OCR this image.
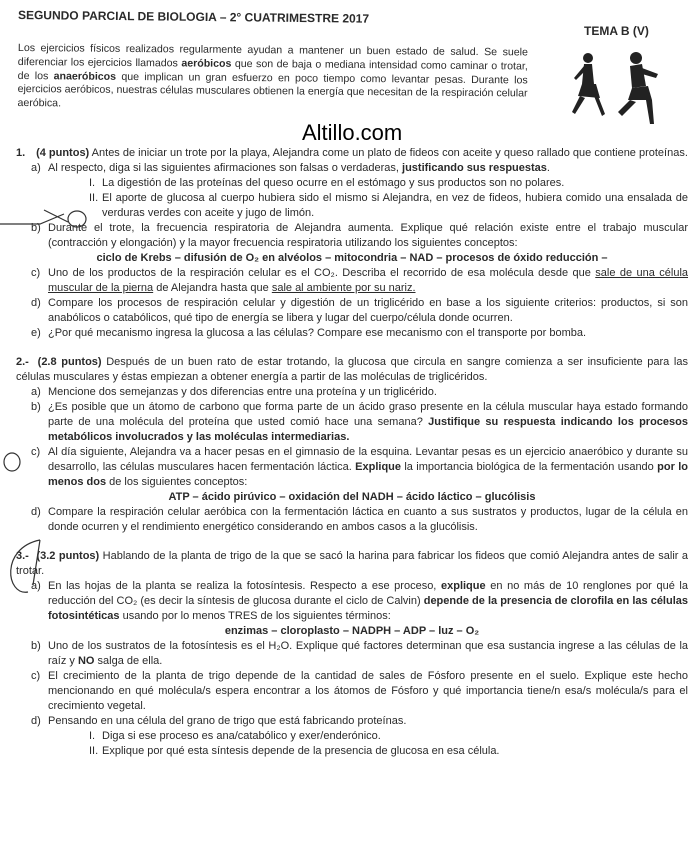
SEGUNDO PARCIAL DE BIOLOGIA – 2° CUATRIMESTRE 2017
TEMA B (V)
Los ejercicios físicos realizados regularmente ayudan a mantener un buen estado de salud. Se suele diferenciar los ejercicios llamados aeróbicos que son de baja o mediana intensidad como caminar o trotar, de los anaeróbicos que implican un gran esfuerzo en poco tiempo como levantar pesas. Durante los ejercicios aeróbicos, nuestras células musculares obtienen la energía que necesitan de la respiración celular aeróbica.
Altillo.com
1. (4 puntos) Antes de iniciar un trote por la playa, Alejandra come un plato de fideos con aceite y queso rallado que contiene proteínas.
a) Al respecto, diga si las siguientes afirmaciones son falsas o verdaderas, justificando sus respuestas.
I. La digestión de las proteínas del queso ocurre en el estómago y sus productos son no polares.
II. El aporte de glucosa al cuerpo hubiera sido el mismo si Alejandra, en vez de fideos, hubiera comido una ensalada de verduras verdes con aceite y jugo de limón.
b) Durante el trote, la frecuencia respiratoria de Alejandra aumenta. Explique qué relación existe entre el trabajo muscular (contracción y elongación) y la mayor frecuencia respiratoria utilizando los siguientes conceptos:
ciclo de Krebs – difusión de O₂ en alvéolos – mitocondria – NAD – procesos de óxido reducción –
c) Uno de los productos de la respiración celular es el CO₂. Describa el recorrido de esa molécula desde que sale de una célula muscular de la pierna de Alejandra hasta que sale al ambiente por su nariz.
d) Compare los procesos de respiración celular y digestión de un triglicérido en base a los siguiente criterios: productos, si son anabólicos o catabólicos, qué tipo de energía se libera y lugar del cuerpo/célula donde ocurren.
e) ¿Por qué mecanismo ingresa la glucosa a las células? Compare ese mecanismo con el transporte por bomba.
2.- (2.8 puntos) Después de un buen rato de estar trotando, la glucosa que circula en sangre comienza a ser insuficiente para las células musculares y éstas empiezan a obtener energía a partir de las moléculas de triglicéridos.
a) Mencione dos semejanzas y dos diferencias entre una proteína y un triglicérido.
b) ¿Es posible que un átomo de carbono que forma parte de un ácido graso presente en la célula muscular haya estado formando parte de una molécula del proteína que usted comió hace una semana? Justifique su respuesta indicando los procesos metabólicos involucrados y las moléculas intermediarias.
c) Al día siguiente, Alejandra va a hacer pesas en el gimnasio de la esquina. Levantar pesas es un ejercicio anaeróbico y durante su desarrollo, las células musculares hacen fermentación láctica. Explique la importancia biológica de la fermentación usando por lo menos dos de los siguientes conceptos:
ATP – ácido pirúvico – oxidación del NADH – ácido láctico – glucólisis
d) Compare la respiración celular aeróbica con la fermentación láctica en cuanto a sus sustratos y productos, lugar de la célula en donde ocurren y el rendimiento energético considerando en ambos casos a la glucólisis.
3.- (3.2 puntos) Hablando de la planta de trigo de la que se sacó la harina para fabricar los fideos que comió Alejandra antes de salir a trotar.
a) En las hojas de la planta se realiza la fotosíntesis. Respecto a ese proceso, explique en no más de 10 renglones por qué la reducción del CO₂ (es decir la síntesis de glucosa durante el ciclo de Calvin) depende de la presencia de clorofila en las células fotosintéticas usando por lo menos TRES de los siguientes términos:
enzimas – cloroplasto – NADPH – ADP – luz – O₂
b) Uno de los sustratos de la fotosíntesis es el H₂O. Explique qué factores determinan que esa sustancia ingrese a las células de la raíz y NO salga de ella.
c) El crecimiento de la planta de trigo depende de la cantidad de sales de Fósforo presente en el suelo. Explique este hecho mencionando en qué molécula/s espera encontrar a los átomos de Fósforo y qué importancia tiene/n esa/s molécula/s para el crecimiento vegetal.
d) Pensando en una célula del grano de trigo que está fabricando proteínas.
I. Diga si ese proceso es ana/catabólico y exer/enderónico.
II. Explique por qué esta síntesis depende de la presencia de glucosa en esa célula.
